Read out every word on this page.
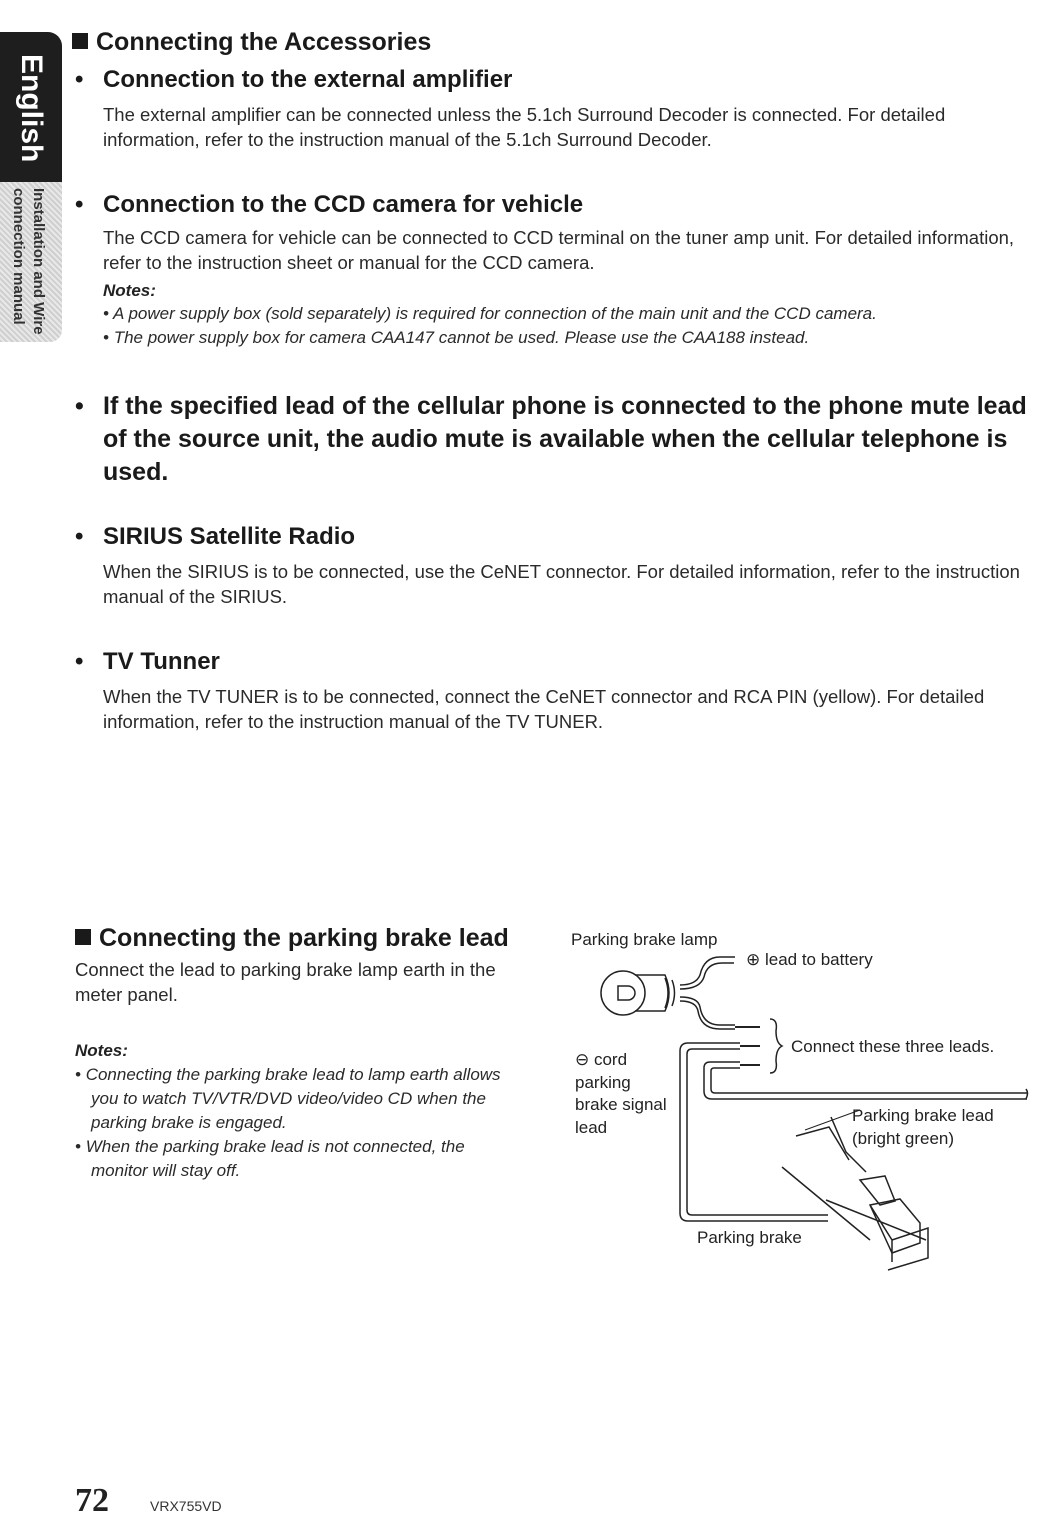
English
Installation and Wire
connection manual
Connecting the Accessories
• Connection to the external amplifier
The external amplifier can be connected unless the 5.1ch Surround Decoder is connected. For detailed information, refer to the instruction manual of the 5.1ch Surround Decoder.
• Connection to the CCD camera for vehicle
The CCD camera for vehicle can be connected to CCD terminal on the tuner amp unit. For detailed information, refer to the instruction sheet or manual for the CCD camera.
Notes:
• A power supply box (sold separately) is required for connection of the main unit and the CCD camera.
• The power supply box for camera CAA147 cannot be used. Please use the CAA188 instead.
• If the specified lead of the cellular phone is connected to the phone mute lead of the source unit, the audio mute is available when the cellular telephone is used.
• SIRIUS Satellite Radio
When the SIRIUS is to be connected, use the CeNET connector. For detailed information, refer to the instruction manual of the SIRIUS.
• TV Tunner
When the TV TUNER is to be connected, connect the CeNET connector and RCA PIN (yellow). For detailed information, refer to the instruction manual of the TV TUNER.
Connecting the parking brake lead
Connect the lead to parking brake lamp earth in the meter panel.
Notes:
• Connecting the parking brake lead to lamp earth allows you to watch TV/VTR/DVD video/video CD when the parking brake is engaged.
• When the parking brake lead is not connected, the monitor will stay off.
Parking brake lamp
⊕ lead to battery
Connect these three leads.
⊖ cord
parking
brake signal
lead
Parking brake lead
(bright green)
Parking brake
72	VRX755VD
